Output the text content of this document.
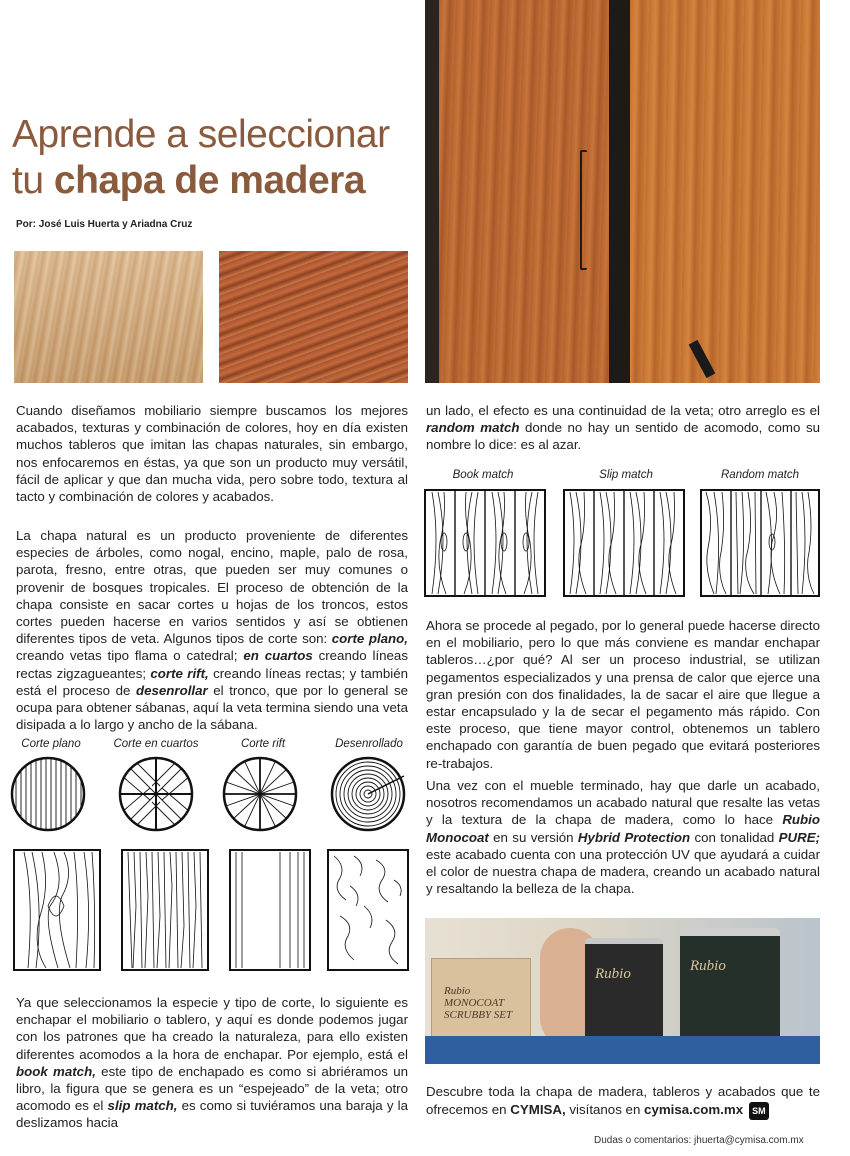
Aprende a seleccionar
tu chapa de madera
Por: José Luis Huerta y Ariadna Cruz

Cuando diseñamos mobiliario siempre buscamos los mejores acabados, texturas y combinación de colores, hoy en día existen muchos tableros que imitan las chapas naturales, sin embargo, nos enfocaremos en éstas, ya que son un producto muy versátil, fácil de aplicar y que dan mucha vida, pero sobre todo, textura al tacto y combinación de colores y acabados.

La chapa natural es un producto proveniente de diferentes especies de árboles, como nogal, encino, maple, palo de rosa, parota, fresno, entre otras, que pueden ser muy comunes o provenir de bosques tropicales. El proceso de obtención de la chapa consiste en sacar cortes u hojas de los troncos, estos cortes pueden hacerse en varios sentidos y así se obtienen diferentes tipos de veta. Algunos tipos de corte son: corte plano, creando vetas tipo flama o catedral; en cuartos creando líneas rectas zigzagueantes; corte rift, creando líneas rectas; y también está el proceso de desenrollar el tronco, que por lo general se ocupa para obtener sábanas, aquí la veta termina siendo una veta disipada a lo largo y ancho de la sábana.

Corte plano	Corte en cuartos	Corte rift	Desenrollado

Ya que seleccionamos la especie y tipo de corte, lo siguiente es enchapar el mobiliario o tablero, y aquí es donde podemos jugar con los patrones que ha creado la naturaleza, para ello existen diferentes acomodos a la hora de enchapar. Por ejemplo, está el book match, este tipo de enchapado es como si abriéramos un libro, la figura que se genera es un “espejeado” de la veta; otro acomodo es el slip match, es como si tuviéramos una baraja y la deslizamos hacia

un lado, el efecto es una continuidad de la veta; otro arreglo es el random match donde no hay un sentido de acomodo, como su nombre lo dice: es al azar.

Book match	Slip match	Random match

Ahora se procede al pegado, por lo general puede hacerse directo en el mobiliario, pero lo que más conviene es mandar enchapar tableros…¿por qué? Al ser un proceso industrial, se utilizan pegamentos especializados y una prensa de calor que ejerce una gran presión con dos finalidades, la de sacar el aire que llegue a estar encapsulado y la de secar el pegamento más rápido. Con este proceso, que tiene mayor control, obtenemos un tablero enchapado con garantía de buen pegado que evitará posteriores re-trabajos.

Una vez con el mueble terminado, hay que darle un acabado, nosotros recomendamos un acabado natural que resalte las vetas y la textura de la chapa de madera, como lo hace Rubio Monocoat en su versión Hybrid Protection con tonalidad PURE; este acabado cuenta con una protección UV que ayudará a cuidar el color de nuestra chapa de madera, creando un acabado natural y resaltando la belleza de la chapa.

Rubio MONOCOAT SCRUBBY SET
Rubio	Rubio

Descubre toda la chapa de madera, tableros y acabados que te ofrecemos en CYMISA, visítanos en cymisa.com.mx SM

Dudas o comentarios: jhuerta@cymisa.com.mx
